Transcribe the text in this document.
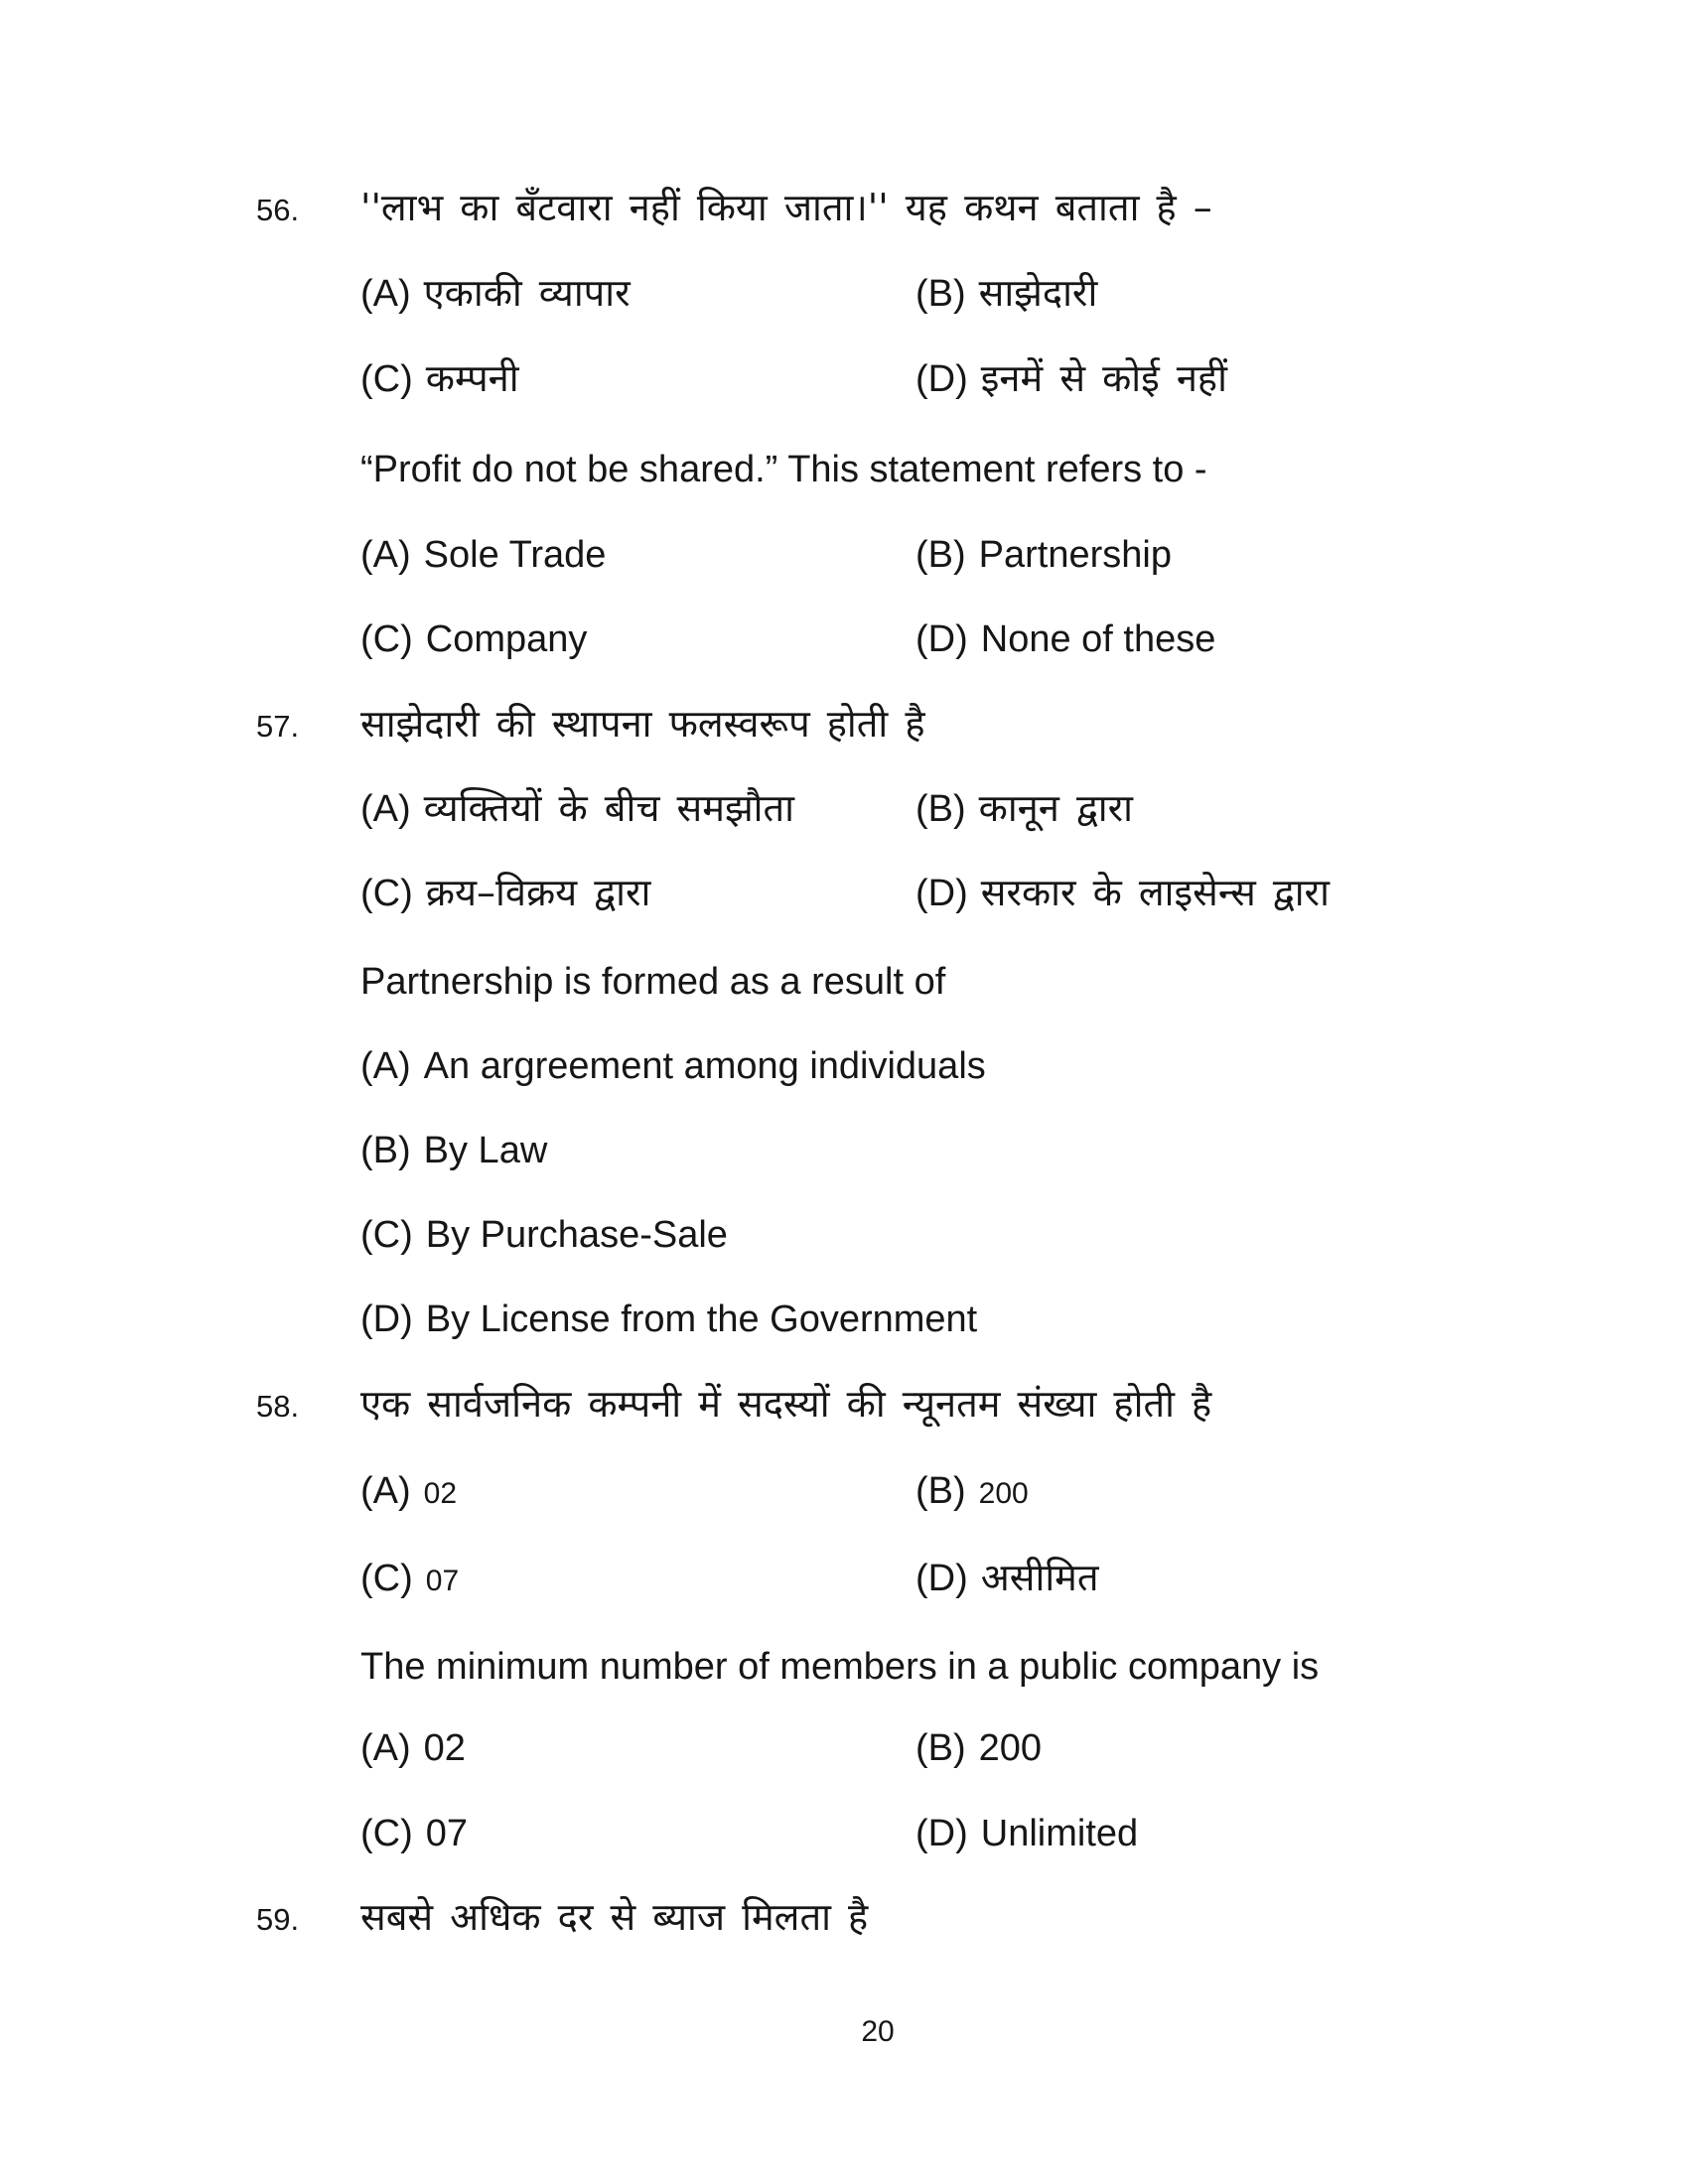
56.	''लाभ का बँटवारा नहीं किया जाता।'' यह कथन बताता है –
(A) एकाकी व्यापार	(B) साझेदारी
(C) कम्पनी	(D) इनमें से कोई नहीं
“Profit do not be shared.” This statement refers to -
(A) Sole Trade	(B) Partnership
(C) Company	(D) None of these
57.	साझेदारी की स्थापना फलस्वरूप होती है
(A) व्यक्तियों के बीच समझौता	(B) कानून द्वारा
(C) क्रय–विक्रय द्वारा	(D) सरकार के लाइसेन्स द्वारा
Partnership is formed as a result of
(A) An argreement among individuals
(B) By Law
(C) By Purchase-Sale
(D) By License from the Government
58.	एक सार्वजनिक कम्पनी में सदस्यों की न्यूनतम संख्या होती है
(A) 02	(B) 200
(C) 07	(D) असीमित
The minimum number of members in a public company is
(A) 02	(B) 200
(C) 07	(D) Unlimited
59.	सबसे अधिक दर से ब्याज मिलता है
20
